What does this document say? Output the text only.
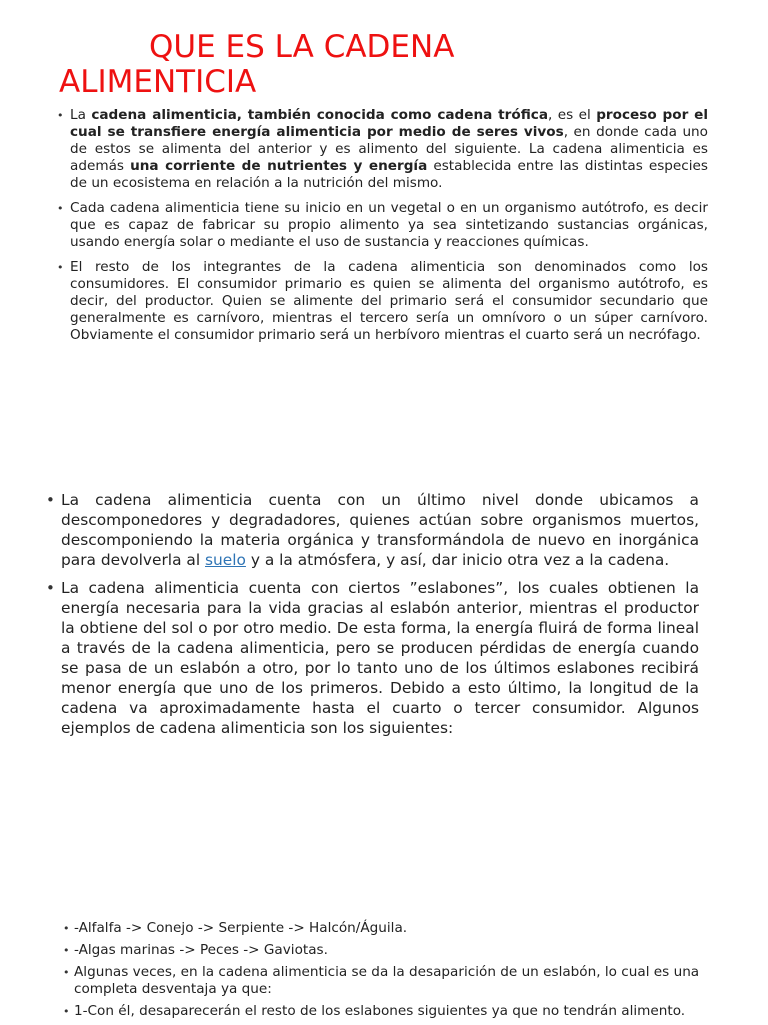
QUE ES LA CADENA
ALIMENTICIA
• La cadena alimenticia, también conocida como cadena trófica, es el proceso por el cual se transfiere energía alimenticia por medio de seres vivos, en donde cada uno de estos se alimenta del anterior y es alimento del siguiente. La cadena alimenticia es además una corriente de nutrientes y energía establecida entre las distintas especies de un ecosistema en relación a la nutrición del mismo.
• Cada cadena alimenticia tiene su inicio en un vegetal o en un organismo autótrofo, es decir que es capaz de fabricar su propio alimento ya sea sintetizando sustancias orgánicas, usando energía solar o mediante el uso de sustancia y reacciones químicas.
• El resto de los integrantes de la cadena alimenticia son denominados como los consumidores. El consumidor primario es quien se alimenta del organismo autótrofo, es decir, del productor. Quien se alimente del primario será el consumidor secundario que generalmente es carnívoro, mientras el tercero sería un omnívoro o un súper carnívoro. Obviamente el consumidor primario será un herbívoro mientras el cuarto será un necrófago.
• La cadena alimenticia cuenta con un último nivel donde ubicamos a descomponedores y degradadores, quienes actúan sobre organismos muertos, descomponiendo la materia orgánica y transformándola de nuevo en inorgánica para devolverla al suelo y a la atmósfera, y así, dar inicio otra vez a la cadena.
• La cadena alimenticia cuenta con ciertos ”eslabones”, los cuales obtienen la energía necesaria para la vida gracias al eslabón anterior, mientras el productor la obtiene del sol o por otro medio. De esta forma, la energía fluirá de forma lineal a través de la cadena alimenticia, pero se producen pérdidas de energía cuando se pasa de un eslabón a otro, por lo tanto uno de los últimos eslabones recibirá menor energía que uno de los primeros. Debido a esto último, la longitud de la cadena va aproximadamente hasta el cuarto o tercer consumidor. Algunos ejemplos de cadena alimenticia son los siguientes:
• -Alfalfa -> Conejo -> Serpiente -> Halcón/Águila.
• -Algas marinas -> Peces -> Gaviotas.
• Algunas veces, en la cadena alimenticia se da la desaparición de un eslabón, lo cual es una completa desventaja ya que:
• 1-Con él, desaparecerán el resto de los eslabones siguientes ya que no tendrán alimento.
